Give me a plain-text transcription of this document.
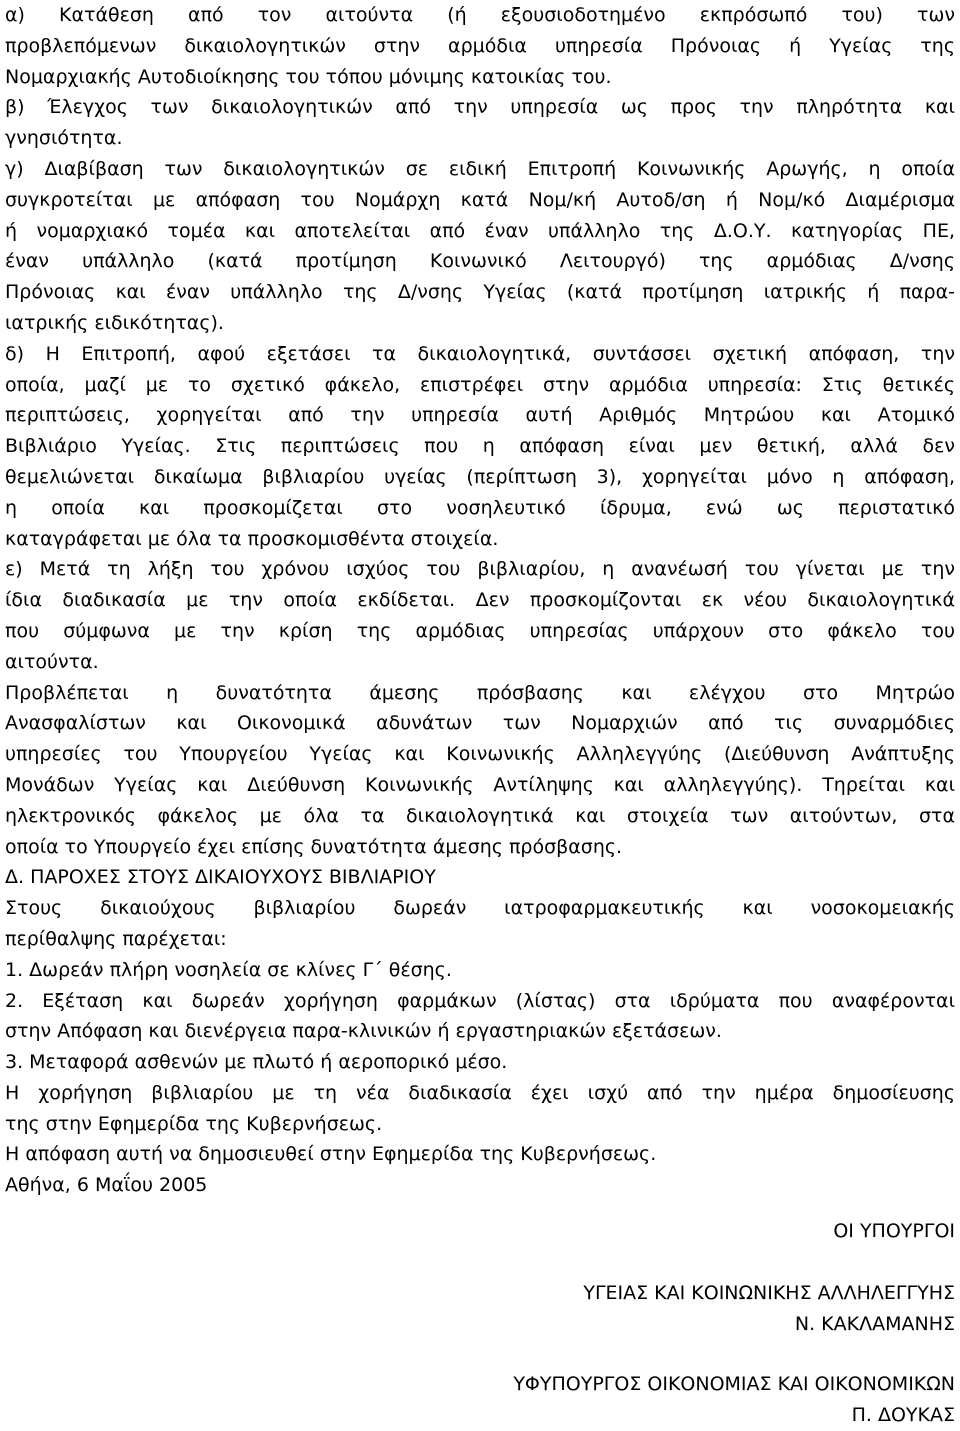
α) Κατάθεση από τον αιτούντα (ή εξουσιοδοτημένο εκπρόσωπό του) των
προβλεπόμενων δικαιολογητικών στην αρμόδια υπηρεσία Πρόνοιας ή Υγείας της
Νομαρχιακής Αυτοδιοίκησης του τόπου μόνιμης κατοικίας του.
β) Έλεγχος των δικαιολογητικών από την υπηρεσία ως προς την πληρότητα και
γνησιότητα.
γ) Διαβίβαση των δικαιολογητικών σε ειδική Επιτροπή Κοινωνικής Αρωγής, η οποία
συγκροτείται με απόφαση του Νομάρχη κατά Νομ/κή Αυτοδ/ση ή Νομ/κό Διαμέρισμα
ή νομαρχιακό τομέα και αποτελείται από έναν υπάλληλο της Δ.Ο.Υ. κατηγορίας ΠΕ,
έναν υπάλληλο (κατά προτίμηση Κοινωνικό Λειτουργό) της αρμόδιας Δ/νσης
Πρόνοιας και έναν υπάλληλο της Δ/νσης Υγείας (κατά προτίμηση ιατρικής ή παρα-
ιατρικής ειδικότητας).
δ) Η Επιτροπή, αφού εξετάσει τα δικαιολογητικά, συντάσσει σχετική απόφαση, την
οποία, μαζί με το σχετικό φάκελο, επιστρέφει στην αρμόδια υπηρεσία: Στις θετικές
περιπτώσεις, χορηγείται από την υπηρεσία αυτή Αριθμός Μητρώου και Ατομικό
Βιβλιάριο Υγείας. Στις περιπτώσεις που η απόφαση είναι μεν θετική, αλλά δεν
θεμελιώνεται δικαίωμα βιβλιαρίου υγείας (περίπτωση 3), χορηγείται μόνο η απόφαση,
η οποία και προσκομίζεται στο νοσηλευτικό ίδρυμα, ενώ ως περιστατικό
καταγράφεται με όλα τα προσκομισθέντα στοιχεία.
ε) Μετά τη λήξη του χρόνου ισχύος του βιβλιαρίου, η ανανέωσή του γίνεται με την
ίδια διαδικασία με την οποία εκδίδεται. Δεν προσκομίζονται εκ νέου δικαιολογητικά
που σύμφωνα με την κρίση της αρμόδιας υπηρεσίας υπάρχουν στο φάκελο του
αιτούντα.
Προβλέπεται η δυνατότητα άμεσης πρόσβασης και ελέγχου στο Μητρώο
Ανασφαλίστων και Οικονομικά αδυνάτων των Νομαρχιών από τις συναρμόδιες
υπηρεσίες του Υπουργείου Υγείας και Κοινωνικής Αλληλεγγύης (Διεύθυνση Ανάπτυξης
Μονάδων Υγείας και Διεύθυνση Κοινωνικής Αντίληψης και αλληλεγγύης). Τηρείται και
ηλεκτρονικός φάκελος με όλα τα δικαιολογητικά και στοιχεία των αιτούντων, στα
οποία το Υπουργείο έχει επίσης δυνατότητα άμεσης πρόσβασης.
Δ. ΠΑΡΟΧΕΣ ΣΤΟΥΣ ΔΙΚΑΙΟΥΧΟΥΣ ΒΙΒΛΙΑΡΙΟΥ
Στους δικαιούχους βιβλιαρίου δωρεάν ιατροφαρμακευτικής και νοσοκομειακής
περίθαλψης παρέχεται:
1. Δωρεάν πλήρη νοσηλεία σε κλίνες Γ΄ θέσης.
2. Εξέταση και δωρεάν χορήγηση φαρμάκων (λίστας) στα ιδρύματα που αναφέρονται
στην Απόφαση και διενέργεια παρα-κλινικών ή εργαστηριακών εξετάσεων.
3. Μεταφορά ασθενών με πλωτό ή αεροπορικό μέσο.
Η χορήγηση βιβλιαρίου με τη νέα διαδικασία έχει ισχύ από την ημέρα δημοσίευσης
της στην Εφημερίδα της Κυβερνήσεως.
Η απόφαση αυτή να δημοσιευθεί στην Εφημερίδα της Κυβερνήσεως.
Αθήνα, 6 Μαΐου 2005
ΟΙ ΥΠΟΥΡΓΟΙ
ΥΓΕΙΑΣ ΚΑΙ ΚΟΙΝΩΝΙΚΗΣ ΑΛΛΗΛΕΓΓΥΗΣ
Ν. ΚΑΚΛΑΜΑΝΗΣ
ΥΦΥΠΟΥΡΓΟΣ ΟΙΚΟΝΟΜΙΑΣ ΚΑΙ ΟΙΚΟΝΟΜΙΚΩΝ
Π. ΔΟΥΚΑΣ
